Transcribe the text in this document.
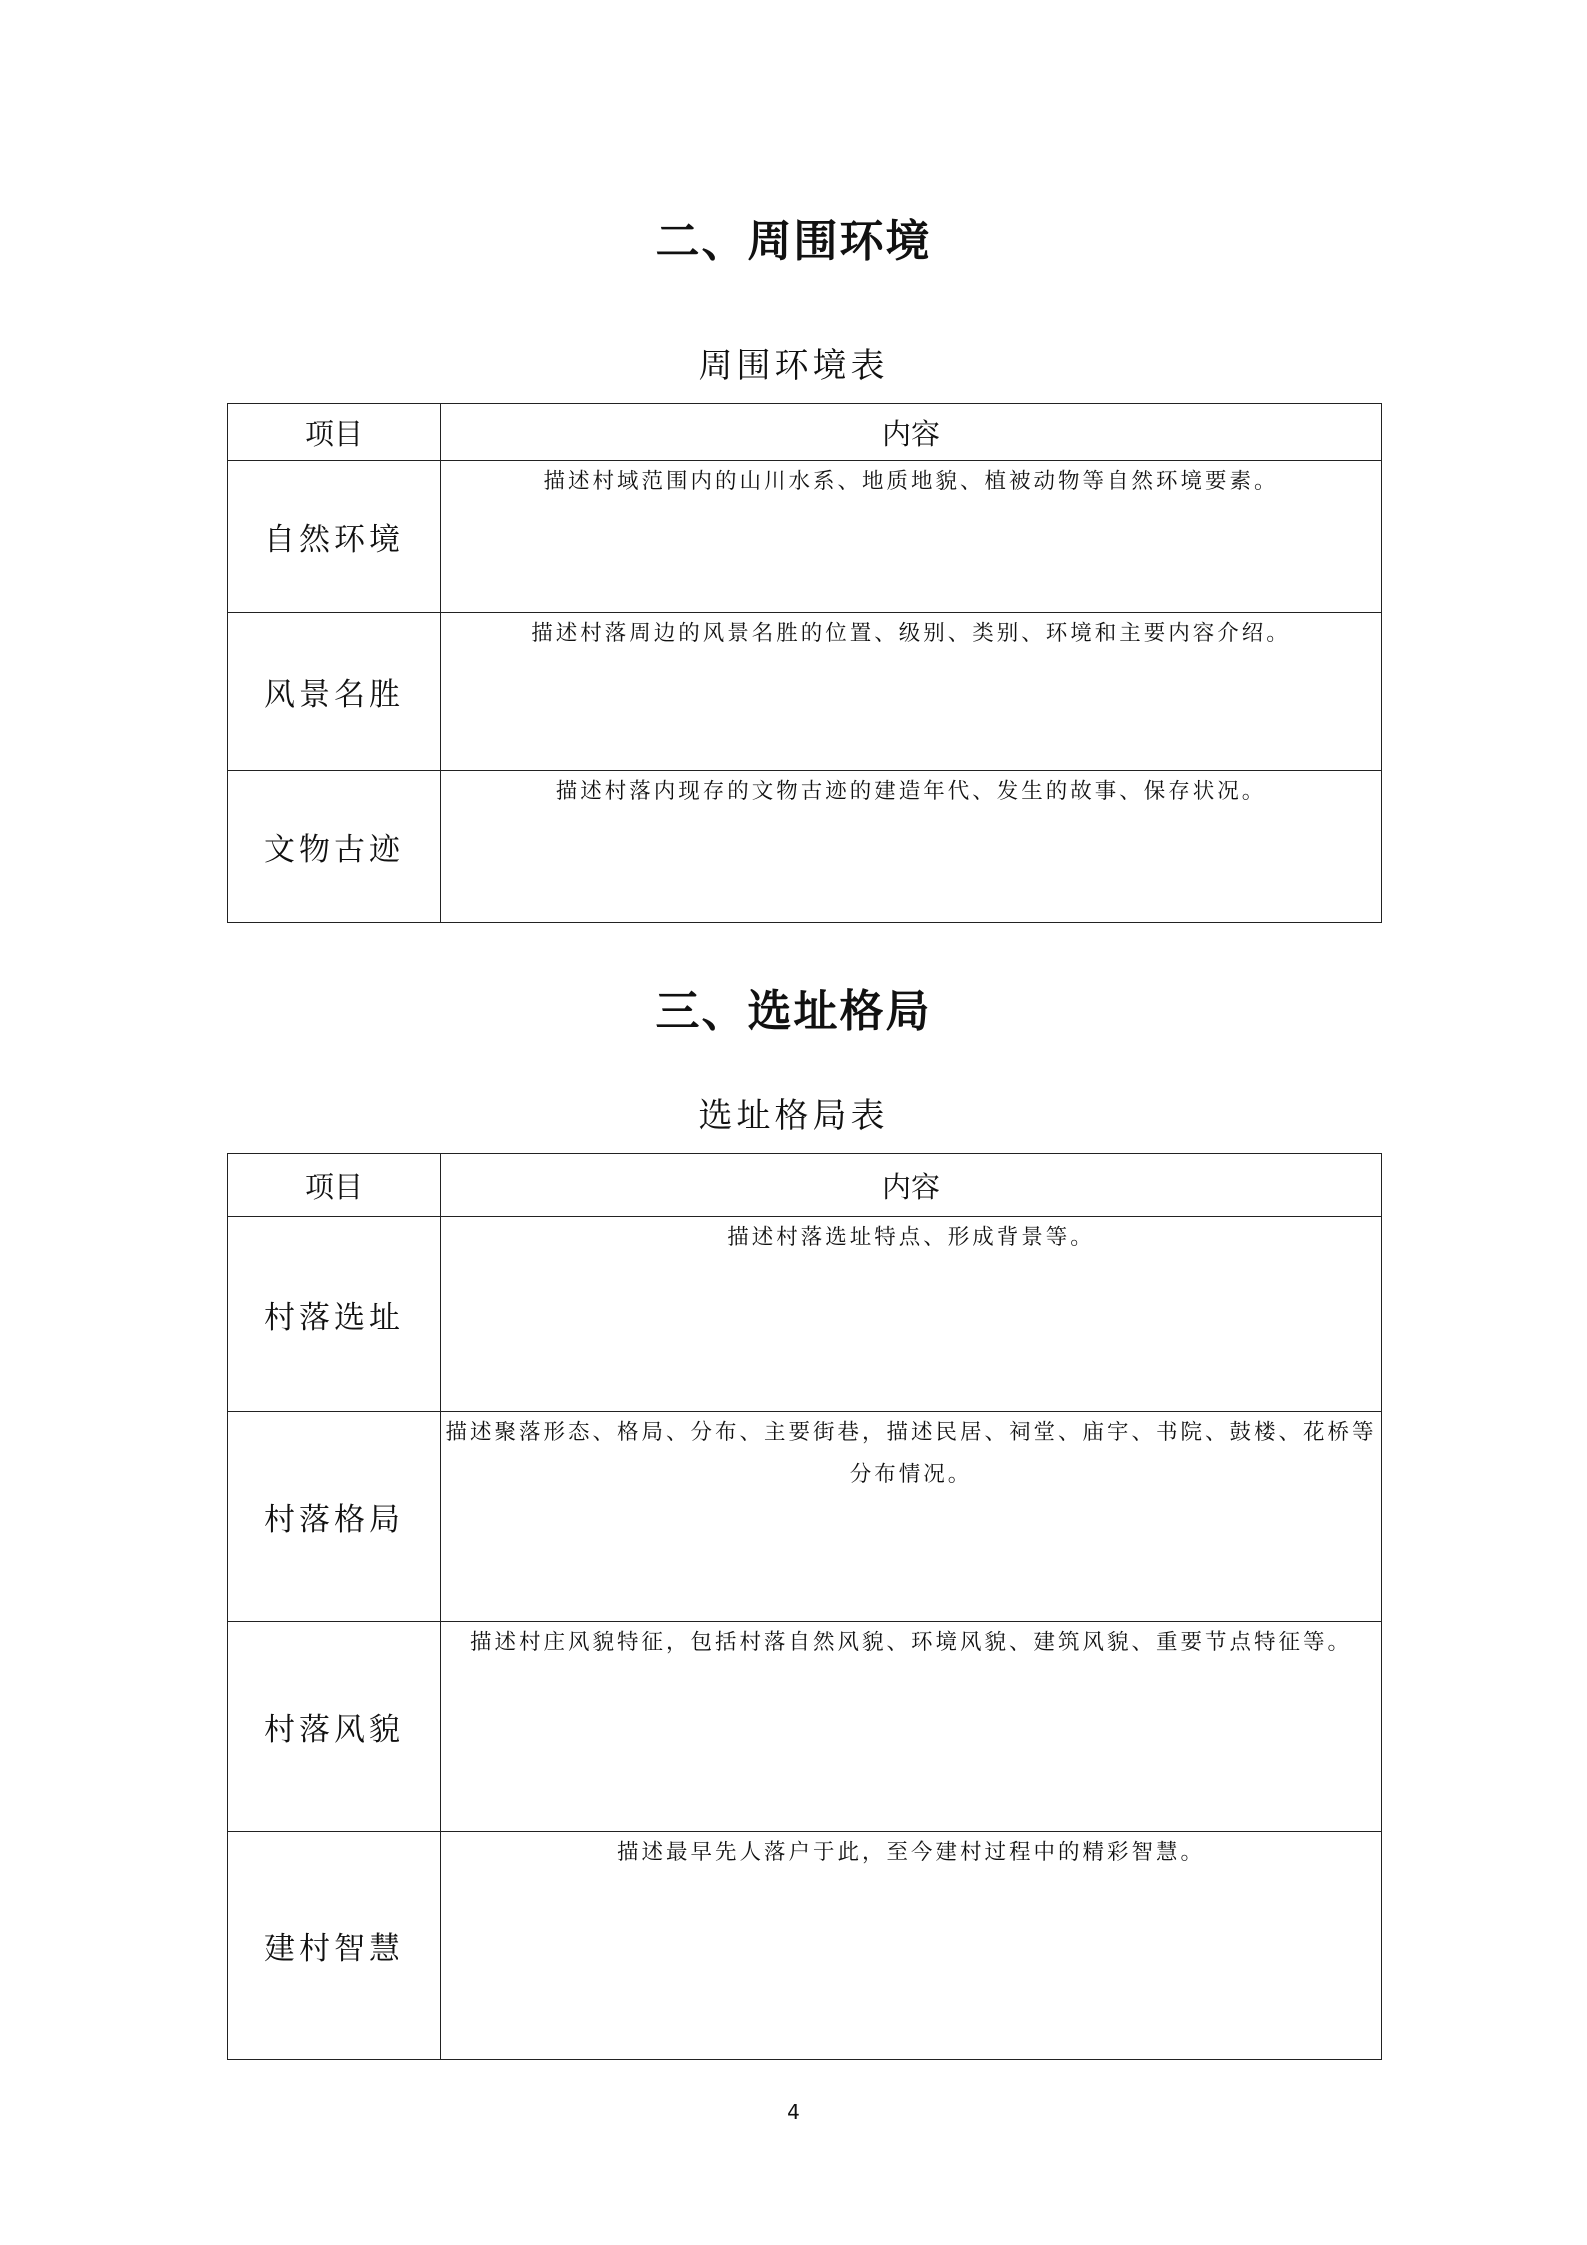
二、周围环境
周围环境表
项目	内容
自然环境	描述村域范围内的山川水系、地质地貌、植被动物等自然环境要素。
风景名胜	描述村落周边的风景名胜的位置、级别、类别、环境和主要内容介绍。
文物古迹	描述村落内现存的文物古迹的建造年代、发生的故事、保存状况。
三、选址格局
选址格局表
项目	内容
村落选址	描述村落选址特点、形成背景等。
村落格局	描述聚落形态、格局、分布、主要街巷，描述民居、祠堂、庙宇、书院、鼓楼、花桥等分布情况。
村落风貌	描述村庄风貌特征，包括村落自然风貌、环境风貌、建筑风貌、重要节点特征等。
建村智慧	描述最早先人落户于此，至今建村过程中的精彩智慧。
4
